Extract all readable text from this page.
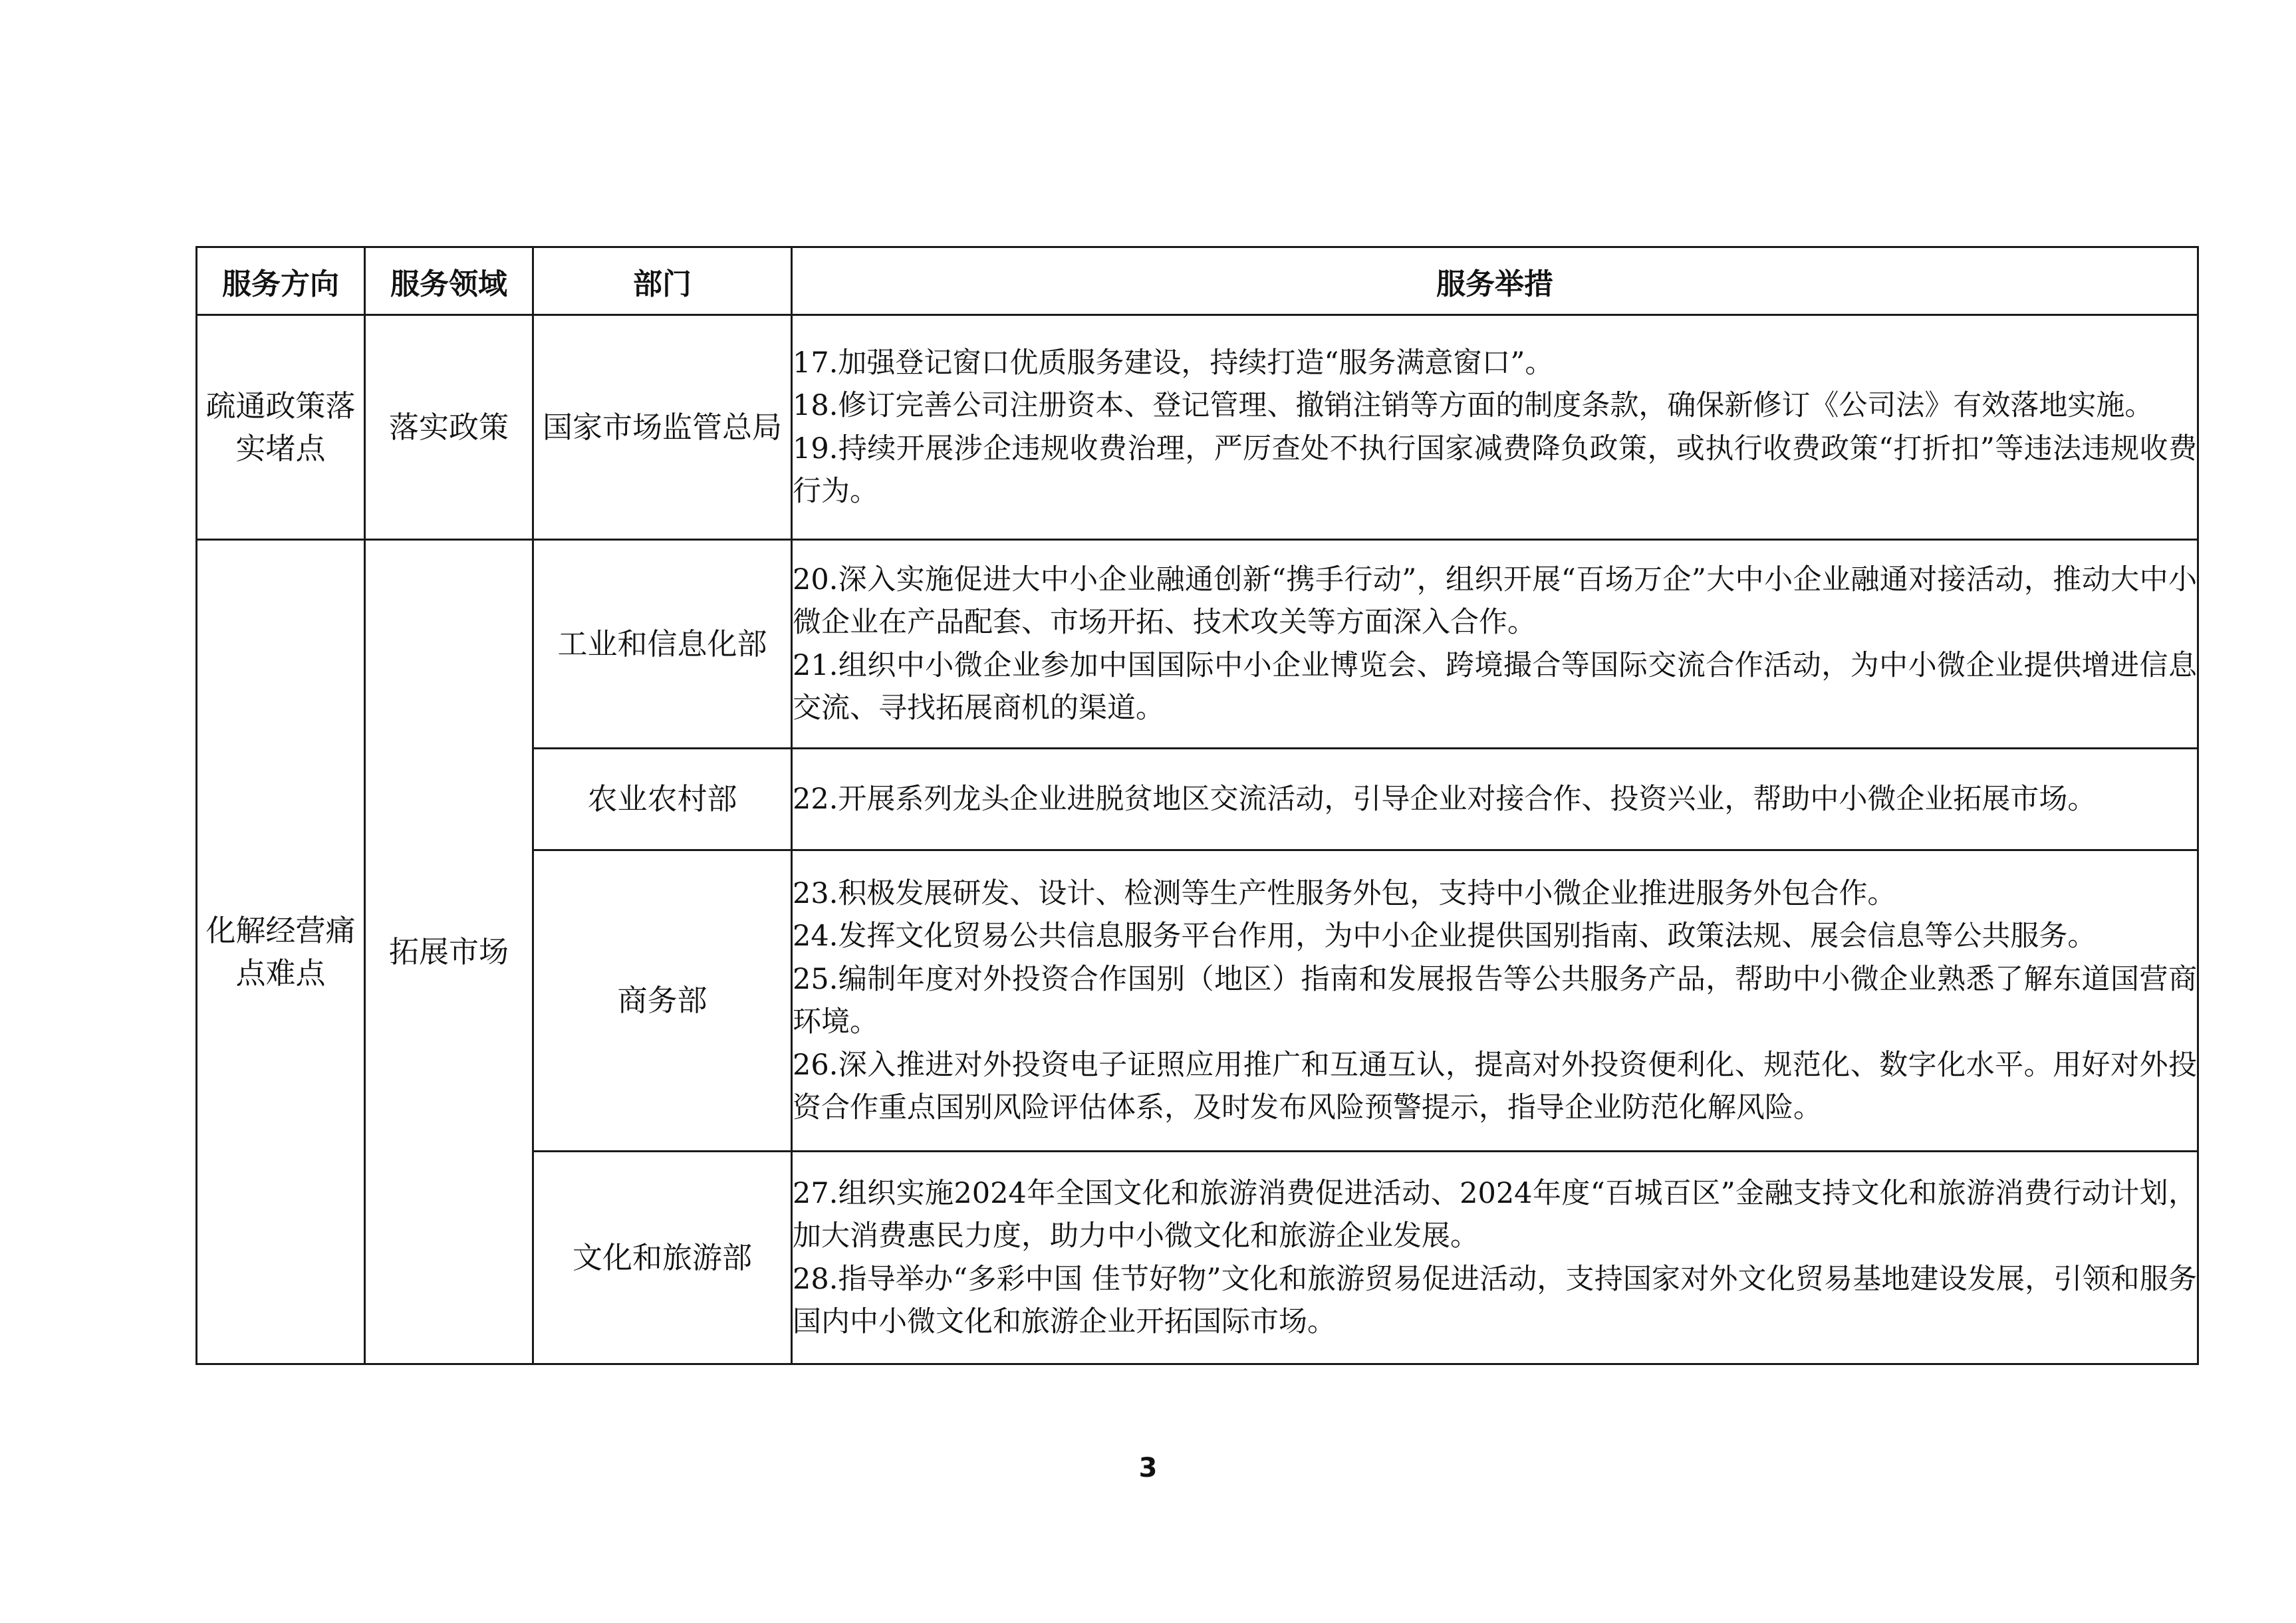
服务方向	服务领域	部门	服务举措
疏通政策落实堵点	落实政策	国家市场监管总局	17.加强登记窗口优质服务建设，持续打造“服务满意窗口”。
18.修订完善公司注册资本、登记管理、撤销注销等方面的制度条款，确保新修订《公司法》有效落地实施。
19.持续开展涉企违规收费治理，严厉查处不执行国家减费降负政策，或执行收费政策“打折扣”等违法违规收费行为。

化解经营痛点难点	拓展市场	工业和信息化部	20.深入实施促进大中小企业融通创新“携手行动”，组织开展“百场万企”大中小企业融通对接活动，推动大中小微企业在产品配套、市场开拓、技术攻关等方面深入合作。
21.组织中小微企业参加中国国际中小企业博览会、跨境撮合等国际交流合作活动，为中小微企业提供增进信息交流、寻找拓展商机的渠道。

		农业农村部	22.开展系列龙头企业进脱贫地区交流活动，引导企业对接合作、投资兴业，帮助中小微企业拓展市场。

		商务部	23.积极发展研发、设计、检测等生产性服务外包，支持中小微企业推进服务外包合作。
24.发挥文化贸易公共信息服务平台作用，为中小企业提供国别指南、政策法规、展会信息等公共服务。
25.编制年度对外投资合作国别（地区）指南和发展报告等公共服务产品，帮助中小微企业熟悉了解东道国营商环境。
26.深入推进对外投资电子证照应用推广和互通互认，提高对外投资便利化、规范化、数字化水平。用好对外投资合作重点国别风险评估体系，及时发布风险预警提示，指导企业防范化解风险。

		文化和旅游部	27.组织实施2024年全国文化和旅游消费促进活动、2024年度“百城百区”金融支持文化和旅游消费行动计划，加大消费惠民力度，助力中小微文化和旅游企业发展。
28.指导举办“多彩中国 佳节好物”文化和旅游贸易促进活动，支持国家对外文化贸易基地建设发展，引领和服务国内中小微文化和旅游企业开拓国际市场。
3
